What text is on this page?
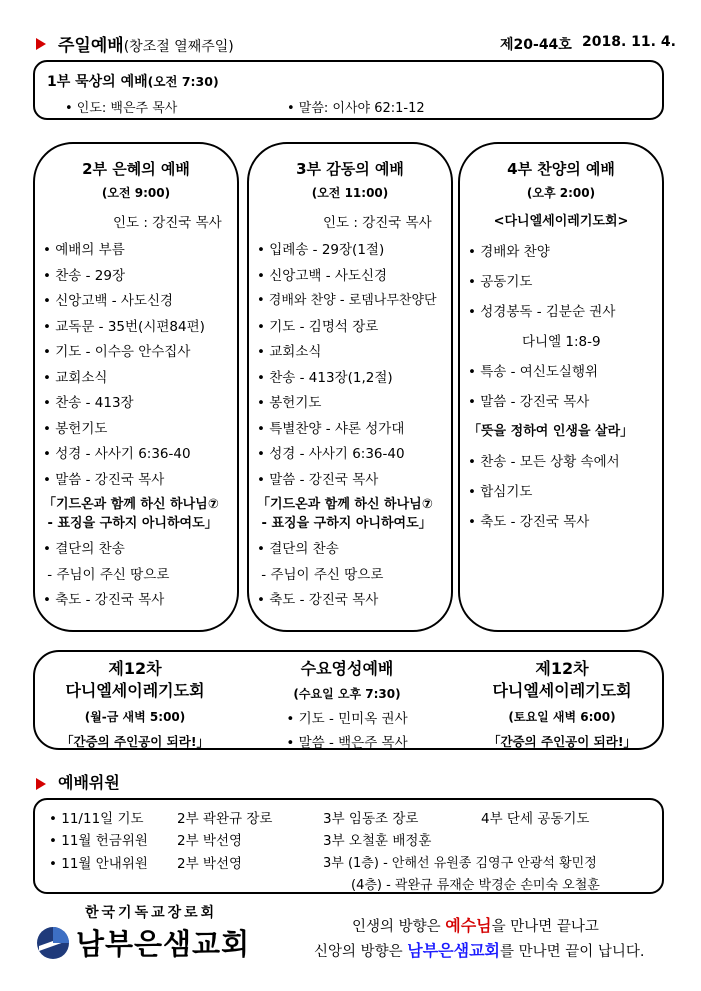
주일예배(창조절 열째주일)	제20-44호 2018. 11. 4.
1부 묵상의 예배(오전 7:30)
• 인도: 백은주 목사	• 말씀: 이사야 62:1-12
2부 은혜의 예배
(오전 9:00)
인도 : 강진국 목사
• 예배의 부름
• 찬송 - 29장
• 신앙고백 - 사도신경
• 교독문 - 35번(시편84편)
• 기도 - 이수응 안수집사
• 교회소식
• 찬송 - 413장
• 봉헌기도
• 성경 - 사사기 6:36-40
• 말씀 - 강진국 목사
「기드온과 함께 하신 하나님⑦
- 표징을 구하지 아니하여도」
• 결단의 찬송
- 주님이 주신 땅으로
• 축도 - 강진국 목사
3부 감동의 예배
(오전 11:00)
인도 : 강진국 목사
• 입례송 - 29장(1절)
• 신앙고백 - 사도신경
• 경배와 찬양 - 로뎀나무찬양단
• 기도 - 김명석 장로
• 교회소식
• 찬송 - 413장(1,2절)
• 봉헌기도
• 특별찬양 - 샤론 성가대
• 성경 - 사사기 6:36-40
• 말씀 - 강진국 목사
「기드온과 함께 하신 하나님⑦
- 표징을 구하지 아니하여도」
• 결단의 찬송
- 주님이 주신 땅으로
• 축도 - 강진국 목사
4부 찬양의 예배
(오후 2:00)
<다니엘세이레기도회>
• 경배와 찬양
• 공동기도
• 성경봉독 - 김분순 권사
다니엘 1:8-9
• 특송 - 여신도실행위
• 말씀 - 강진국 목사
「뜻을 정하여 인생을 살라」
• 찬송 - 모든 상황 속에서
• 합심기도
• 축도 - 강진국 목사
제12차
다니엘세이레기도회
(월-금 새벽 5:00)
「간증의 주인공이 되라!」
수요영성예배
(수요일 오후 7:30)
• 기도 - 민미옥 권사
• 말씀 - 백은주 목사
제12차
다니엘세이레기도회
(토요일 새벽 6:00)
「간증의 주인공이 되라!」
예배위원
• 11/11일 기도 2부 곽완규 장로	3부 임동조 장로	4부 단세 공동기도
• 11월 헌금위원 2부 박선영	3부 오철훈 배정훈
• 11월 안내위원 2부 박선영	3부 (1층) - 안해선 유원종 김영구 안광석 황민정
(4층) - 곽완규 류재순 박경순 손미숙 오철훈
한국기독교장로회
남부은샘교회	인생의 방향은 예수님을 만나면 끝나고
신앙의 방향은 남부은샘교회를 만나면 끝이 납니다.
